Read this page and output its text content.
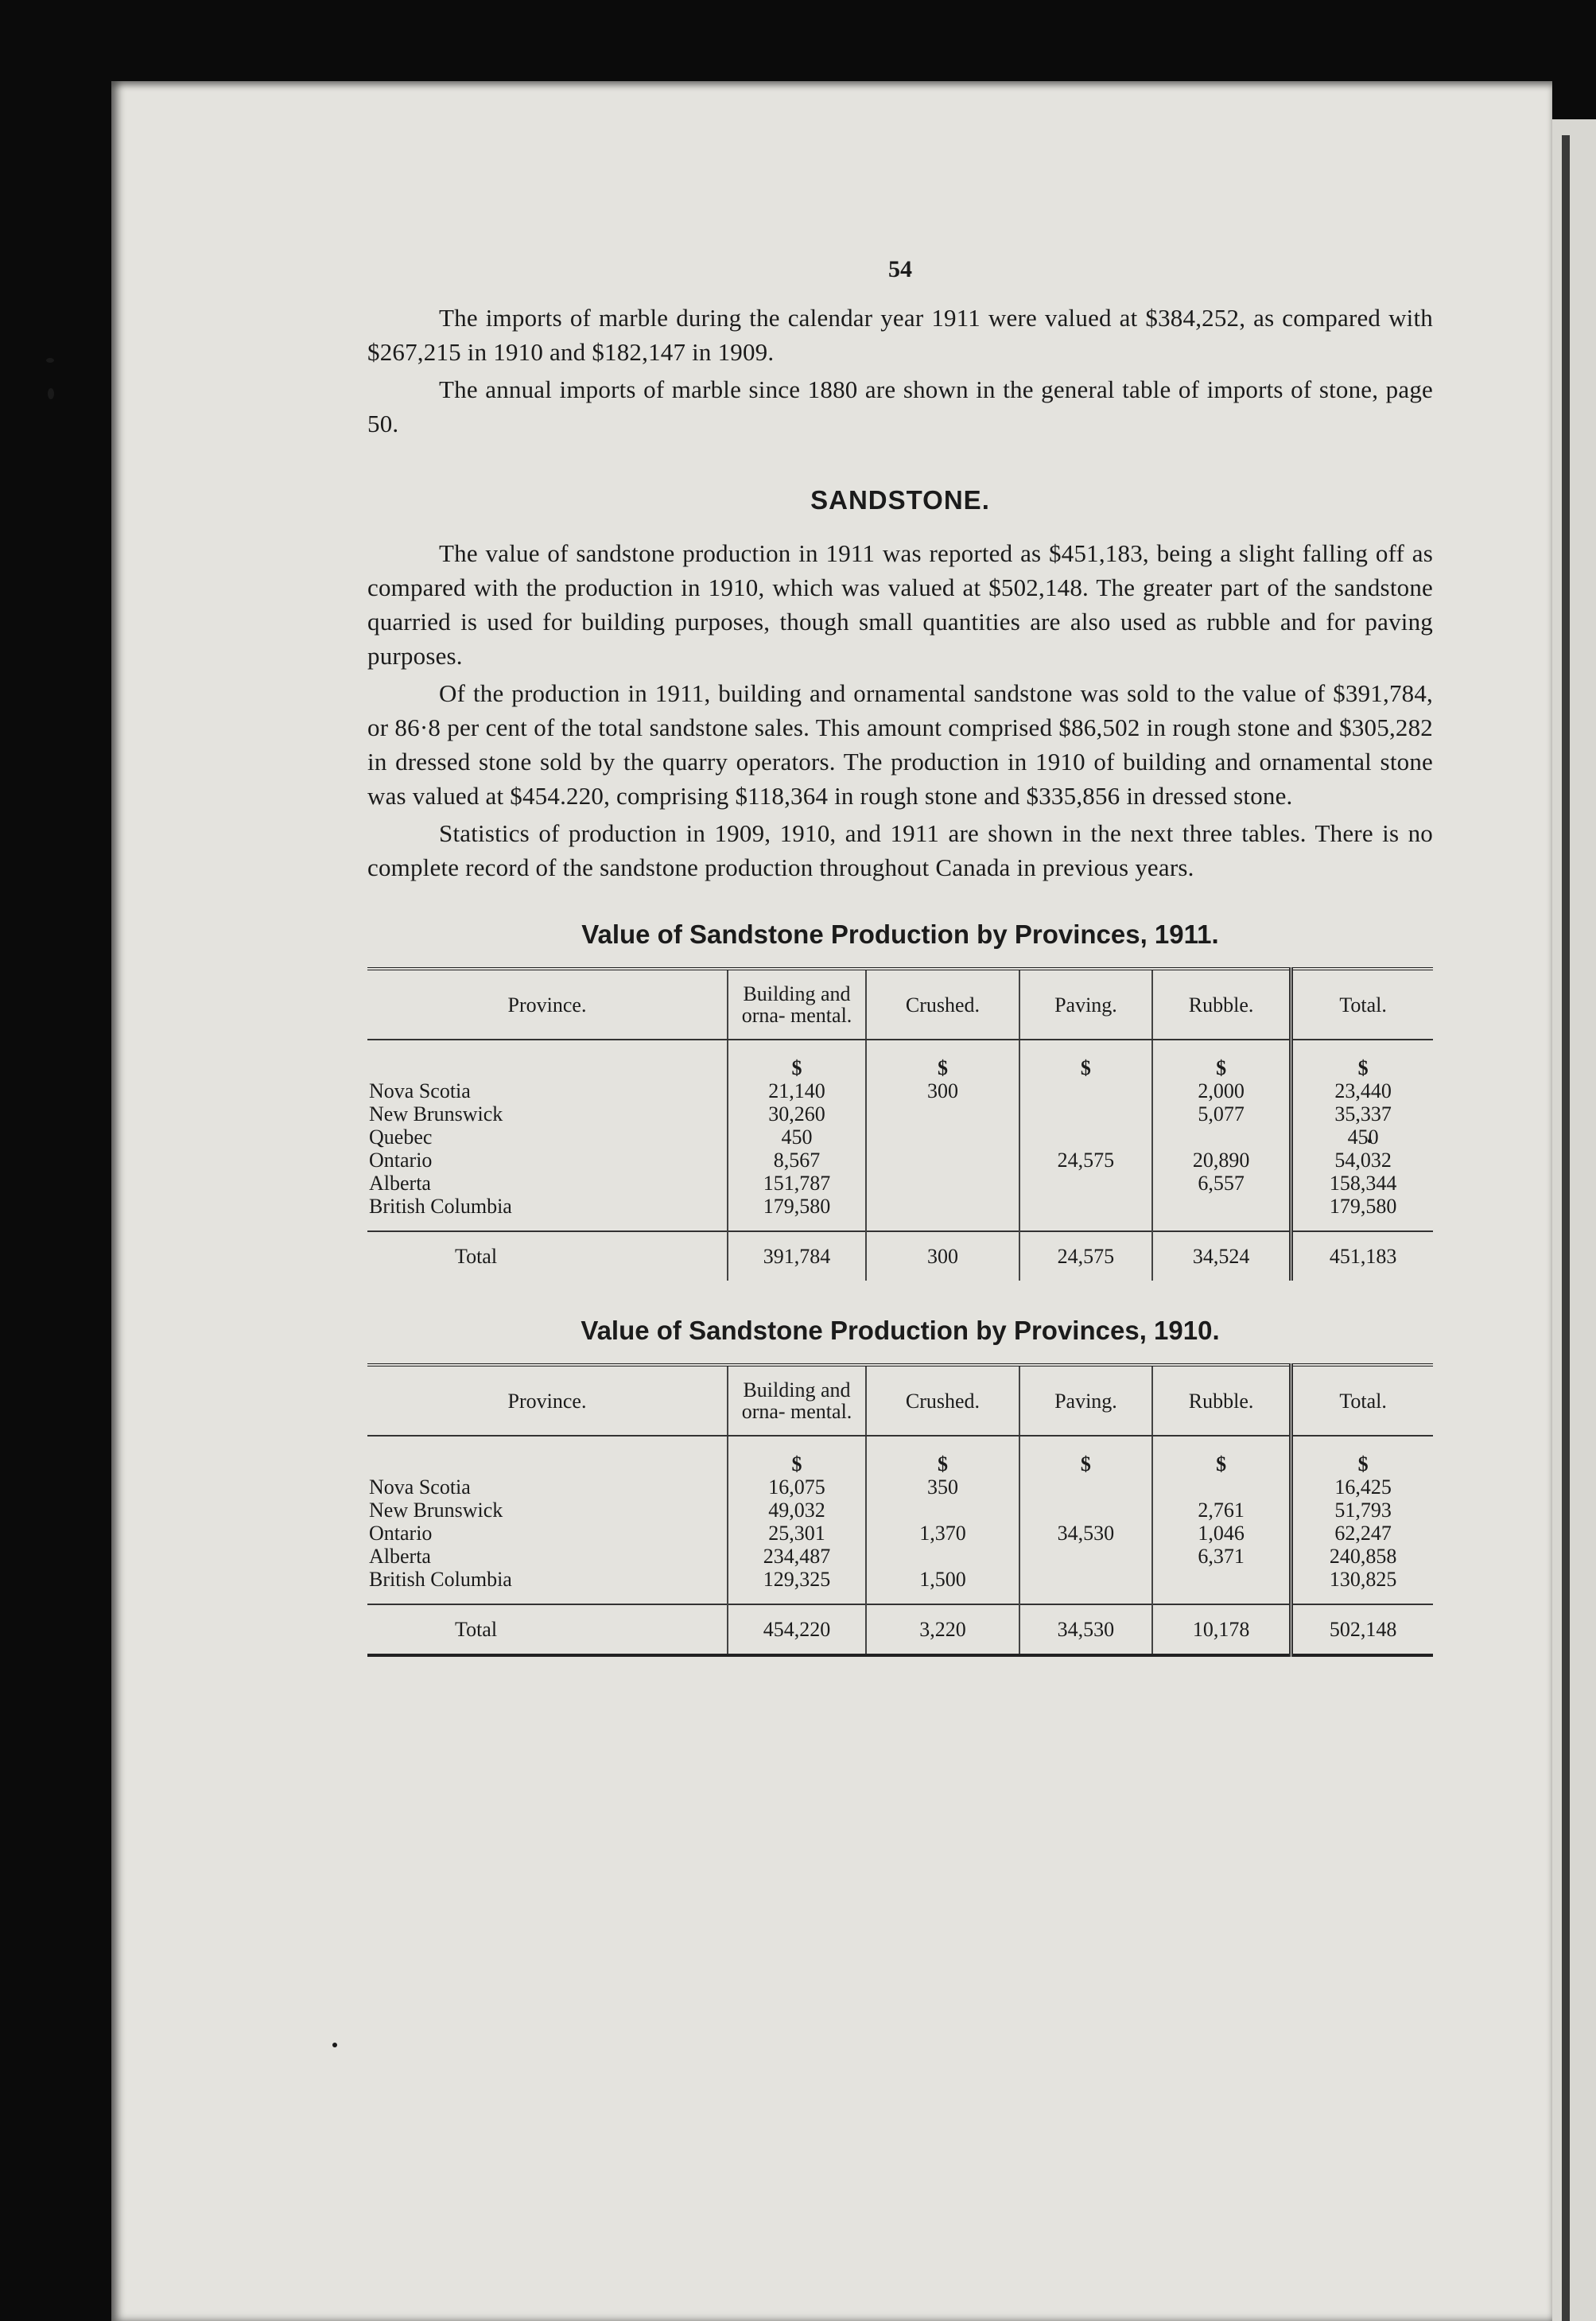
54

The imports of marble during the calendar year 1911 were valued at $384,252, as compared with $267,215 in 1910 and $182,147 in 1909.

The annual imports of marble since 1880 are shown in the general table of imports of stone, page 50.

SANDSTONE.

The value of sandstone production in 1911 was reported as $451,183, being a slight falling off as compared with the production in 1910, which was valued at $502,148. The greater part of the sandstone quarried is used for building purposes, though small quantities are also used as rubble and for paving purposes.

Of the production in 1911, building and ornamental sandstone was sold to the value of $391,784, or 86·8 per cent of the total sandstone sales. This amount comprised $86,502 in rough stone and $305,282 in dressed stone sold by the quarry operators. The production in 1910 of building and ornamental stone was valued at $454.220, comprising $118,364 in rough stone and $335,856 in dressed stone.

Statistics of production in 1909, 1910, and 1911 are shown in the next three tables. There is no complete record of the sandstone production throughout Canada in previous years.

Value of Sandstone Production by Provinces, 1911.
Province.	Building and orna- mental.	Crushed.	Paving.	Rubble.	Total.
	$	$	$	$	$
Nova Scotia	21,140	300		2,000	23,440
New Brunswick	30,260			5,077	35,337
Quebec	450				450
Ontario	8,567		24,575	20,890	54,032
Alberta	151,787			6,557	158,344
British Columbia	179,580				179,580
Total	391,784	300	24,575	34,524	451,183
Value of Sandstone Production by Provinces, 1910.
Province.	Building and orna- mental.	Crushed.	Paving.	Rubble.	Total.
	$	$	$	$	$
Nova Scotia	16,075	350			16,425
New Brunswick	49,032			2,761	51,793
Ontario	25,301	1,370	34,530	1,046	62,247
Alberta	234,487			6,371	240,858
British Columbia	129,325	1,500			130,825
Total	454,220	3,220	34,530	10,178	502,148
